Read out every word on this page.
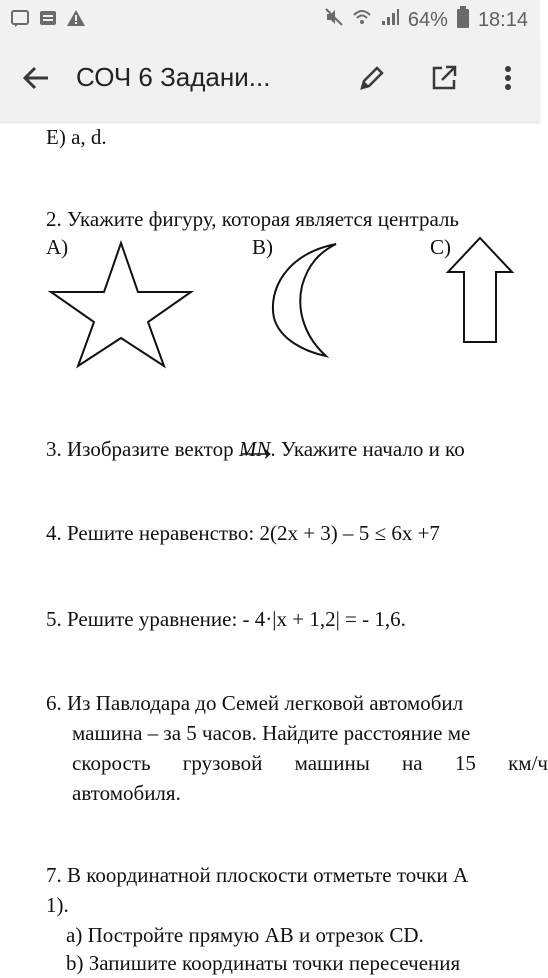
64% 18:14
СОЧ 6 Задани...
E) a, d.
2. Укажите фигуру, которая является централь
A)	B)	C)
3. Изобразите вектор
MN. Укажите начало и ко
4. Решите неравенство: 2(2x + 3) – 5 ≤ 6x +7
5. Решите уравнение: - 4·|x + 1,2| = - 1,6.
6. Из Павлодара до Семей легковой автомобил
машина – за 5 часов. Найдите расстояние ме
скорость грузовой машины на 15 км/ч
автомобиля.
7. В координатной плоскости отметьте точки А
1).
а) Постройте прямую AB и отрезок CD.
b) Запишите координаты точки пересечения
